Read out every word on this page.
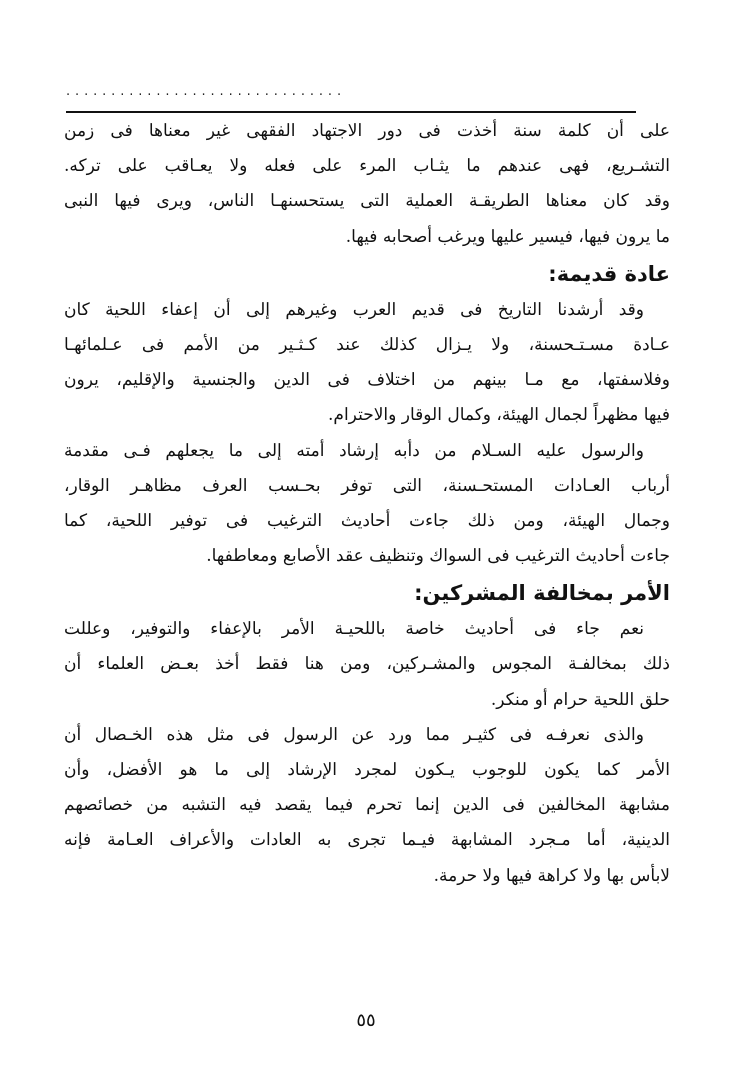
...............................
على أن كلمة سنة أخذت فى دور الاجتهاد الفقهى غير معناها فى زمن
التشـريع، فهى عندهم ما يثـاب المرء على فعله ولا يعـاقب على تركه.
وقد كان معناها الطريقـة العملية التى يستحسنهـا الناس، ويرى فيها النبى
ما يرون فيها، فيسير عليها ويرغب أصحابه فيها.
عادة قديمة:
وقد أرشدنا التاريخ فى قديم العرب وغيرهم إلى أن إعفاء اللحية كان
عـادة مسـتـحسنة، ولا يـزال كذلك عند كـثـير من الأمم فى عـلمائهـا
وفلاسفتها، مع مـا بينهم من اختلاف فى الدين والجنسية والإقليم، يرون
فيها مظهراً لجمال الهيئة، وكمال الوقار والاحترام.
والرسول عليه السـلام من دأبه إرشاد أمته إلى ما يجعلهم فـى مقدمة
أرباب العـادات المستحـسنة، التى توفر بحـسب العرف مظاهـر الوقار،
وجمال الهيئة، ومن ذلك جاءت أحاديث الترغيب فى توفير اللحية، كما
جاءت أحاديث الترغيب فى السواك وتنظيف عقد الأصابع ومعاطفها.
الأمر بمخالفة المشركين:
نعم جاء فى أحاديث خاصة باللحيـة الأمر بالإعفاء والتوفير، وعللت
ذلك بمخالفـة المجوس والمشـركين، ومن هنا فقط أخذ بعـض العلماء أن
حلق اللحية حرام أو منكر.
والذى نعرفـه فى كثيـر مما ورد عن الرسول فى مثل هذه الخـصال أن
الأمر كما يكون للوجوب يـكون لمجرد الإرشاد إلى ما هو الأفضل، وأن
مشابهة المخالفين فى الدين إنما تحرم فيما يقصد فيه التشبه من خصائصهم
الدينية، أما مـجرد المشابهة فيـما تجرى به العادات والأعراف العـامة فإنه
لابأس بها ولا كراهة فيها ولا حرمة.
٥٥
